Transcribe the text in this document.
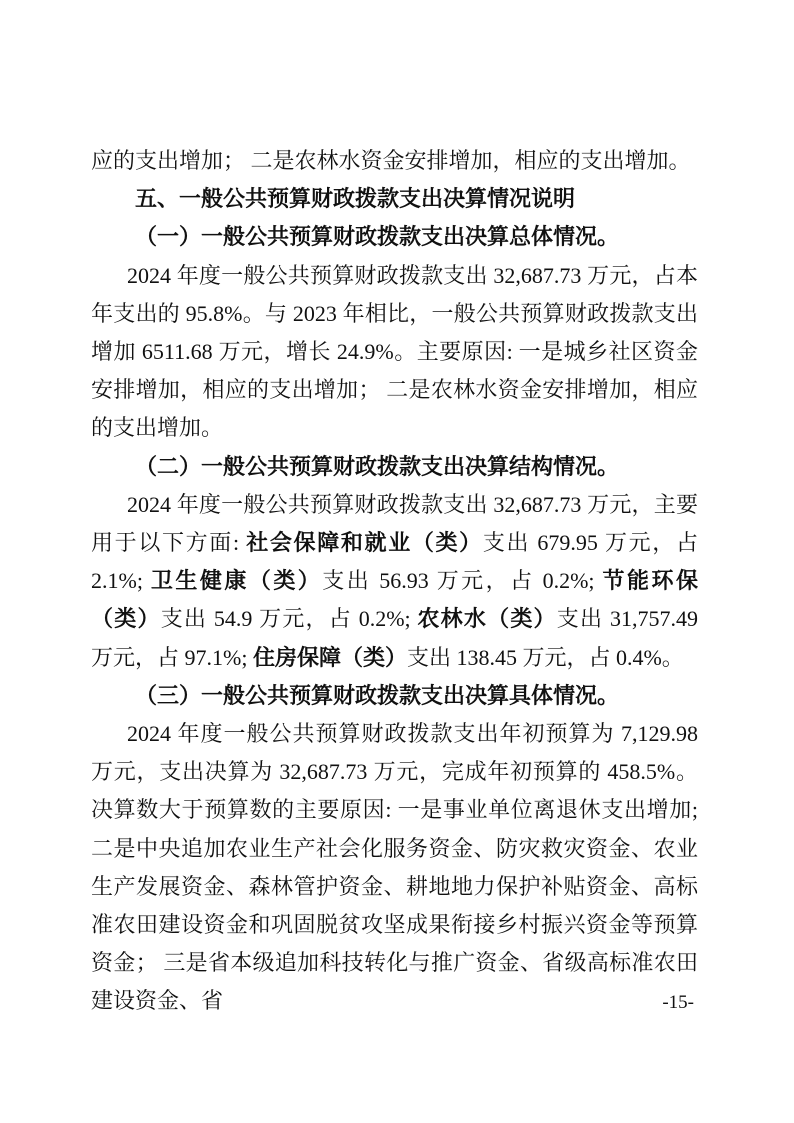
应的支出增加； 二是农林水资金安排增加，相应的支出增加。

五、一般公共预算财政拨款支出决算情况说明

（一）一般公共预算财政拨款支出决算总体情况。

2024 年度一般公共预算财政拨款支出 32,687.73 万元，占本年支出的 95.8%。与 2023 年相比，一般公共预算财政拨款支出增加 6511.68 万元，增长 24.9%。主要原因: 一是城乡社区资金安排增加，相应的支出增加； 二是农林水资金安排增加，相应的支出增加。

（二）一般公共预算财政拨款支出决算结构情况。

2024 年度一般公共预算财政拨款支出 32,687.73 万元，主要用于以下方面: 社会保障和就业（类）支出 679.95 万元，占 2.1%; 卫生健康（类）支出 56.93 万元，占 0.2%; 节能环保（类）支出 54.9 万元，占 0.2%; 农林水（类）支出 31,757.49 万元，占 97.1%; 住房保障（类）支出 138.45 万元，占 0.4%。

（三）一般公共预算财政拨款支出决算具体情况。

2024 年度一般公共预算财政拨款支出年初预算为 7,129.98 万元，支出决算为 32,687.73 万元，完成年初预算的 458.5%。决算数大于预算数的主要原因: 一是事业单位离退休支出增加; 二是中央追加农业生产社会化服务资金、防灾救灾资金、农业生产发展资金、森林管护资金、耕地地力保护补贴资金、高标准农田建设资金和巩固脱贫攻坚成果衔接乡村振兴资金等预算资金； 三是省本级追加科技转化与推广资金、省级高标准农田建设资金、省	-15-
